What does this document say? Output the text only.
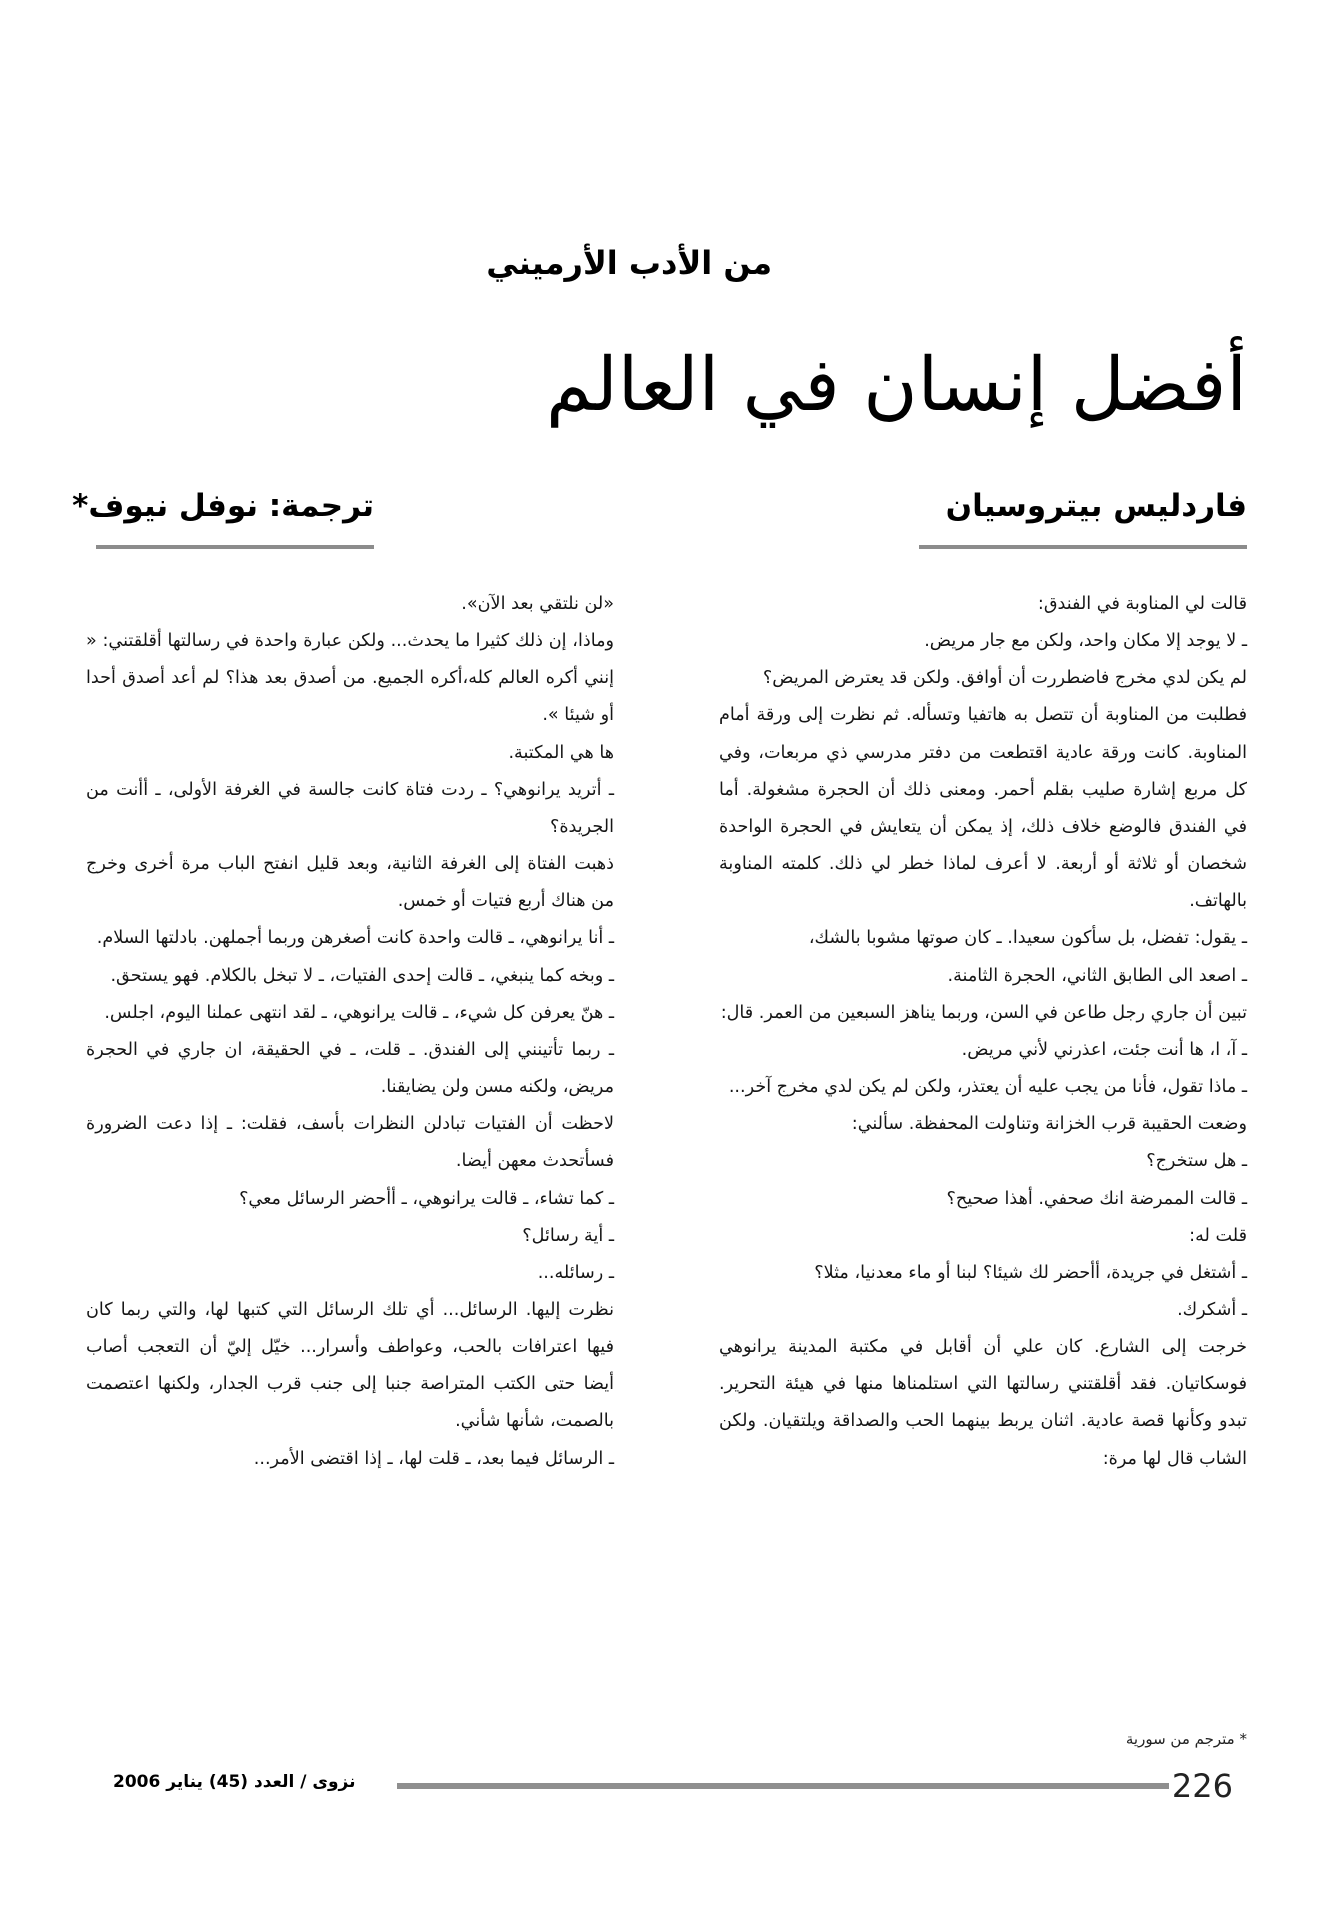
من الأدب الأرميني
أفضل إنسان في العالم
فاردليس بيتروسيان
ترجمة: نوفل نيوف*

قالت لي المناوبة في الفندق:

ـ لا يوجد إلا مكان واحد، ولكن مع جار مريض.

لم يكن لدي مخرج فاضطررت أن أوافق. ولكن قد يعترض المريض؟

فطلبت من المناوبة أن تتصل به هاتفيا وتسأله. ثم نظرت إلى ورقة أمام المناوبة. كانت ورقة عادية اقتطعت من دفتر مدرسي ذي مربعات، وفي كل مربع إشارة صليب بقلم أحمر. ومعنى ذلك أن الحجرة مشغولة. أما في الفندق فالوضع خلاف ذلك، إذ يمكن أن يتعايش في الحجرة الواحدة شخصان أو ثلاثة أو أربعة. لا أعرف لماذا خطر لي ذلك. كلمته المناوبة بالهاتف.

ـ يقول: تفضل، بل سأكون سعيدا. ـ كان صوتها مشوبا بالشك،

ـ اصعد الى الطابق الثاني، الحجرة الثامنة.

تبين أن جاري رجل طاعن في السن، وربما يناهز السبعين من العمر. قال:

ـ آ، ا، ها أنت جئت، اعذرني لأني مريض.

ـ ماذا تقول، فأنا من يجب عليه أن يعتذر، ولكن لم يكن لدي مخرج آخر...

وضعت الحقيبة قرب الخزانة وتناولت المحفظة. سألني:

ـ هل ستخرج؟

ـ قالت الممرضة انك صحفي. أهذا صحيح؟

قلت له:

ـ أشتغل في جريدة، أأحضر لك شيئا؟ لبنا أو ماء معدنيا، مثلا؟

ـ أشكرك.

خرجت إلى الشارع. كان علي أن أقابل في مكتبة المدينة يرانوهي فوسكاتيان. فقد أقلقتني رسالتها التي استلمناها منها في هيئة التحرير. تبدو وكأنها قصة عادية. اثنان يربط بينهما الحب والصداقة ويلتقيان. ولكن الشاب قال لها مرة:

«لن نلتقي بعد الآن».

وماذا، إن ذلك كثيرا ما يحدث... ولكن عبارة واحدة في رسالتها أقلقتني: « إنني أكره العالم كله،أكره الجميع. من أصدق بعد هذا؟ لم أعد أصدق أحدا أو شيئا ».

ها هي المكتبة.

ـ أتريد يرانوهي؟ ـ ردت فتاة كانت جالسة في الغرفة الأولى، ـ أأنت من الجريدة؟

ذهبت الفتاة إلى الغرفة الثانية، وبعد قليل انفتح الباب مرة أخرى وخرج من هناك أربع فتيات أو خمس.

ـ أنا يرانوهي، ـ قالت واحدة كانت أصغرهن وربما أجملهن. بادلتها السلام.

ـ وبخه كما ينبغي، ـ قالت إحدى الفتيات، ـ لا تبخل بالكلام. فهو يستحق.

ـ هنّ يعرفن كل شيء، ـ قالت يرانوهي، ـ لقد انتهى عملنا اليوم، اجلس.

ـ ربما تأتينني إلى الفندق. ـ قلت، ـ في الحقيقة، ان جاري في الحجرة مريض، ولكنه مسن ولن يضايقنا.

لاحظت أن الفتيات تبادلن النظرات بأسف، فقلت: ـ إذا دعت الضرورة فسأتحدث معهن أيضا.

ـ كما تشاء، ـ قالت يرانوهي، ـ أأحضر الرسائل معي؟

ـ أية رسائل؟

ـ رسائله...

نظرت إليها. الرسائل... أي تلك الرسائل التي كتبها لها، والتي ربما كان فيها اعترافات بالحب، وعواطف وأسرار... خيّل إليّ أن التعجب أصاب أيضا حتى الكتب المتراصة جنبا إلى جنب قرب الجدار، ولكنها اعتصمت بالصمت، شأنها شأني.

ـ الرسائل فيما بعد، ـ قلت لها، ـ إذا اقتضى الأمر...

* مترجم من سورية
226
نزوى / العدد (45) يناير 2006
